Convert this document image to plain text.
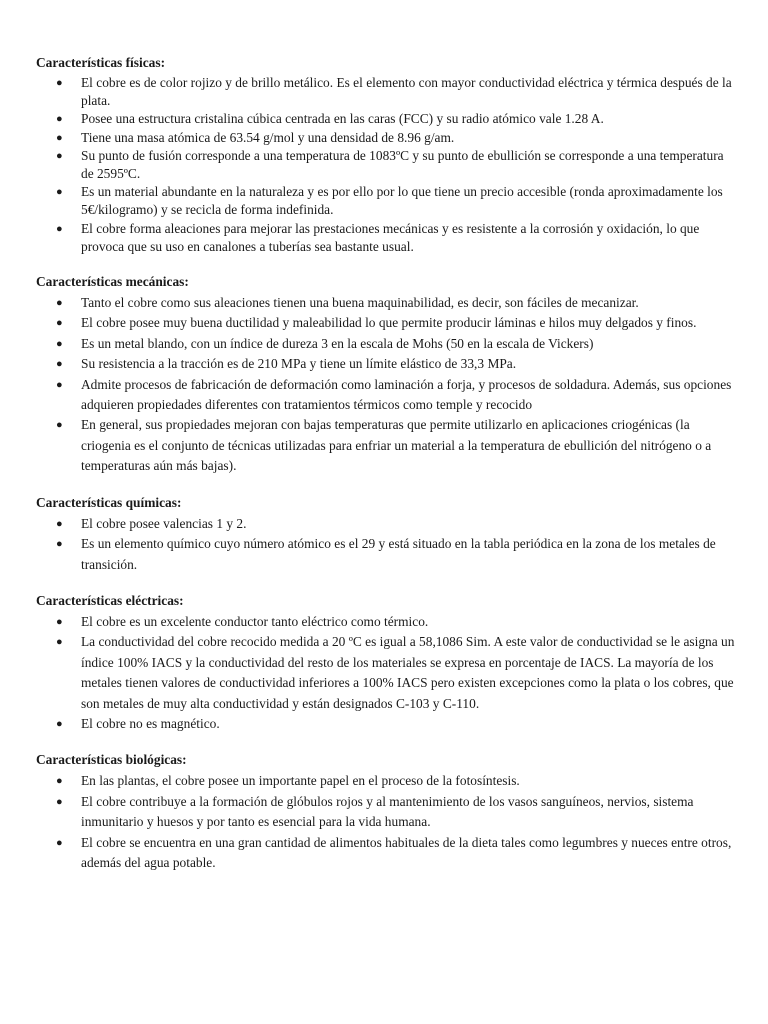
Características físicas:

● El cobre es de color rojizo y de brillo metálico. Es el elemento con mayor conductividad eléctrica y térmica después de la plata.
● Posee una estructura cristalina cúbica centrada en las caras (FCC) y su radio atómico vale 1.28 A.
● Tiene una masa atómica de 63.54 g/mol y una densidad de 8.96 g/am.
● Su punto de fusión corresponde a una temperatura de 1083ºC y su punto de ebullición se corresponde a una temperatura de 2595ºC.
● Es un material abundante en la naturaleza y es por ello por lo que tiene un precio accesible (ronda aproximadamente los 5€/kilogramo) y se recicla de forma indefinida.
● El cobre forma aleaciones para mejorar las prestaciones mecánicas y es resistente a la corrosión y oxidación, lo que provoca que su uso en canalones a tuberías sea bastante usual.

Características mecánicas:

● Tanto el cobre como sus aleaciones tienen una buena maquinabilidad, es decir, son fáciles de mecanizar.
● El cobre posee muy buena ductilidad y maleabilidad lo que permite producir láminas e hilos muy delgados y finos.
● Es un metal blando, con un índice de dureza 3 en la escala de Mohs (50 en la escala de Vickers)
● Su resistencia a la tracción es de 210 MPa y tiene un límite elástico de 33,3 MPa.
● Admite procesos de fabricación de deformación como laminación a forja, y procesos de soldadura. Además, sus opciones adquieren propiedades diferentes con tratamientos térmicos como temple y recocido
● En general, sus propiedades mejoran con bajas temperaturas que permite utilizarlo en aplicaciones criogénicas (la criogenia es el conjunto de técnicas utilizadas para enfriar un material a la temperatura de ebullición del nitrógeno o a temperaturas aún más bajas).

Características químicas:

● El cobre posee valencias 1 y 2.
● Es un elemento químico cuyo número atómico es el 29 y está situado en la tabla periódica en la zona de los metales de transición.

Características eléctricas:

● El cobre es un excelente conductor tanto eléctrico como térmico.
● La conductividad del cobre recocido medida a 20 ºC es igual a 58,1086 Sim. A este valor de conductividad se le asigna un índice 100% IACS y la conductividad del resto de los materiales se expresa en porcentaje de IACS. La mayoría de los metales tienen valores de conductividad inferiores a 100% IACS pero existen excepciones como la plata o los cobres, que son metales de muy alta conductividad y están designados C-103 y C-110.
● El cobre no es magnético.

Características biológicas:

● En las plantas, el cobre posee un importante papel en el proceso de la fotosíntesis.
● El cobre contribuye a la formación de glóbulos rojos y al mantenimiento de los vasos sanguíneos, nervios, sistema inmunitario y huesos y por tanto es esencial para la vida humana.
● El cobre se encuentra en una gran cantidad de alimentos habituales de la dieta tales como legumbres y nueces entre otros, además del agua potable.
